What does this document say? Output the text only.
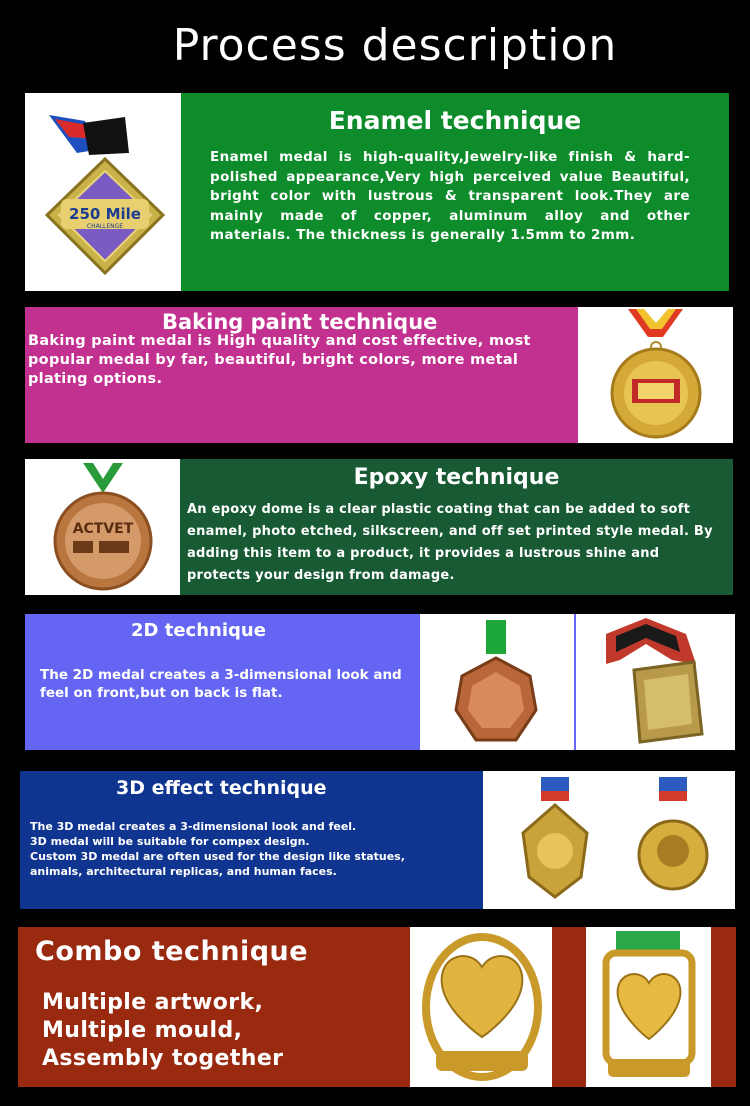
Process description
250 Mile
CHALLENGE
Enamel technique
Enamel medal is high-quality,Jewelry-like finish & hard-polished appearance,Very high perceived value Beautiful, bright color with lustrous & transparent look.They are mainly made of copper, aluminum alloy and other materials. The thickness is generally 1.5mm to 2mm.
Baking paint technique
Baking paint medal is High quality and cost effective, most popular medal by far, beautiful, bright colors, more metal plating options.
ACTVET
Epoxy technique
An epoxy dome is a clear plastic coating that can be added to soft enamel, photo etched, silkscreen, and off set printed style medal. By adding this item to a product, it provides a lustrous shine and protects your design from damage.
2D technique
The 2D medal creates a 3-dimensional look and feel on front,but on back is flat.
3D effect technique
The 3D medal creates a 3-dimensional look and feel.
3D medal will be suitable for compex design.
Custom 3D medal are often used for the design like statues,
animals, architectural replicas, and human faces.
Combo technique
Multiple artwork,
Multiple mould,
Assembly together
